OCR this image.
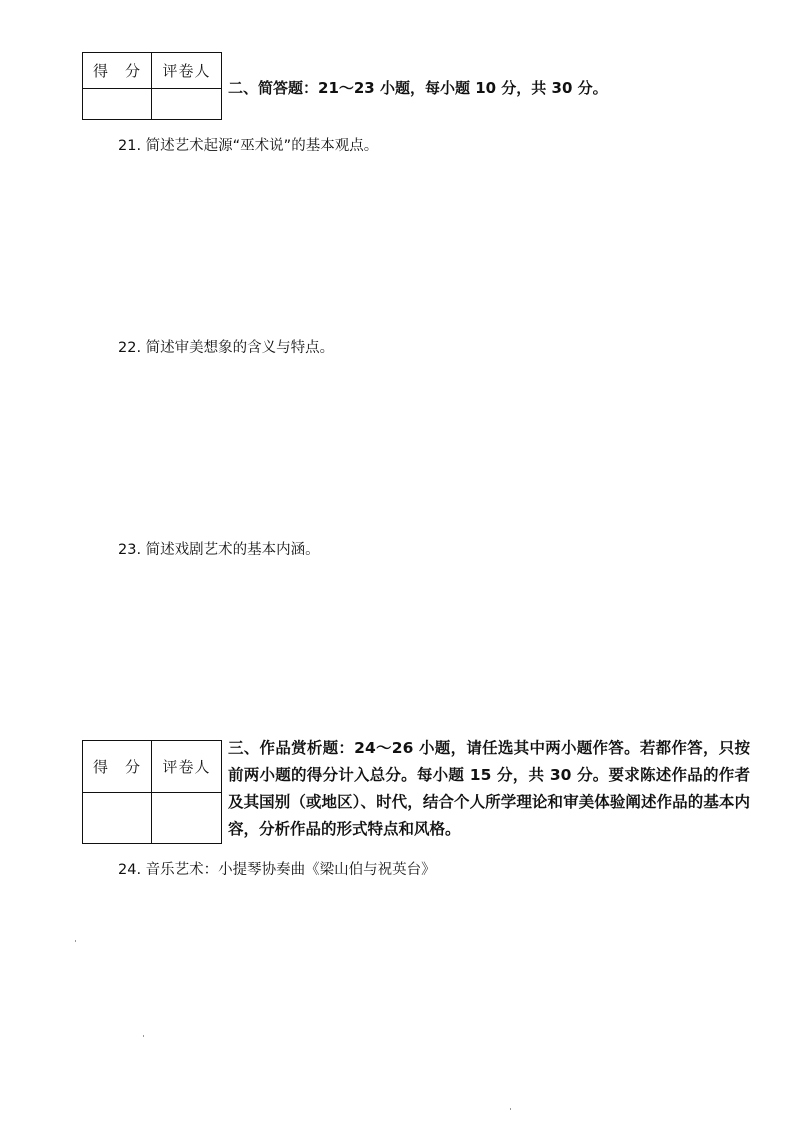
得　分	评卷人
二、简答题：21～23 小题，每小题 10 分，共 30 分。
21. 简述艺术起源“巫术说”的基本观点。
22. 简述审美想象的含义与特点。
23. 简述戏剧艺术的基本内涵。
得　分	评卷人
三、作品赏析题：24～26 小题，请任选其中两小题作答。若都作答，只按前两小题的得分计入总分。每小题 15 分，共 30 分。要求陈述作品的作者及其国别（或地区）、时代，结合个人所学理论和审美体验阐述作品的基本内容，分析作品的形式特点和风格。
24. 音乐艺术：小提琴协奏曲《梁山伯与祝英台》
